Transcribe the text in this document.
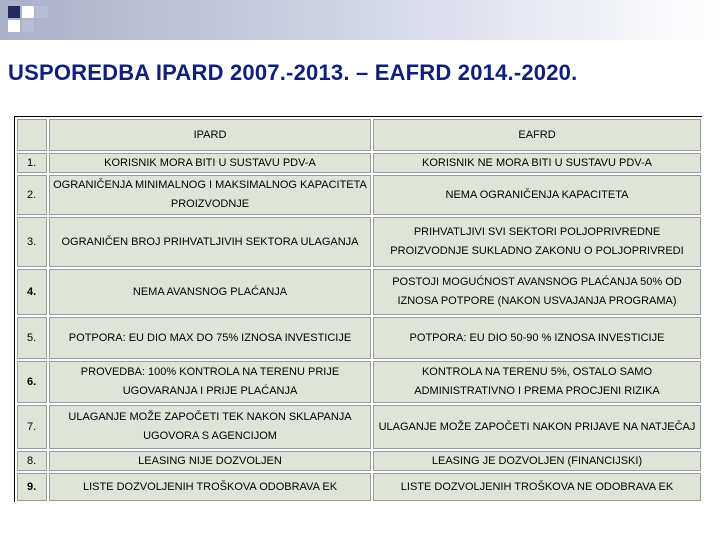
USPOREDBA IPARD 2007.-2013. – EAFRD 2014.-2020.
	IPARD	EAFRD
1.	KORISNIK MORA BITI U SUSTAVU PDV-A	KORISNIK NE MORA BITI U SUSTAVU PDV-A
2.	OGRANIČENJA MINIMALNOG I MAKSIMALNOG KAPACITETA PROIZVODNJE	NEMA OGRANIČENJA KAPACITETA
3.	OGRANIČEN BROJ PRIHVATLJIVIH SEKTORA ULAGANJA	PRIHVATLJIVI SVI SEKTORI POLJOPRIVREDNE PROIZVODNJE SUKLADNO ZAKONU O POLJOPRIVREDI
4.	NEMA AVANSNOG PLAĆANJA	POSTOJI MOGUĆNOST AVANSNOG PLAĆANJA 50% OD IZNOSA POTPORE (NAKON USVAJANJA PROGRAMA)
5.	POTPORA: EU DIO MAX DO 75% IZNOSA INVESTICIJE	POTPORA: EU DIO 50-90 % IZNOSA INVESTICIJE
6.	PROVEDBA: 100% KONTROLA NA TERENU PRIJE UGOVARANJA I PRIJE PLAĆANJA	KONTROLA NA TERENU 5%, OSTALO SAMO ADMINISTRATIVNO I PREMA PROCJENI RIZIKA
7.	ULAGANJE MOŽE ZAPOČETI TEK NAKON SKLAPANJA UGOVORA S AGENCIJOM	ULAGANJE MOŽE ZAPOČETI NAKON PRIJAVE NA NATJEČAJ
8.	LEASING NIJE DOZVOLJEN	LEASING JE DOZVOLJEN (FINANCIJSKI)
9.	LISTE DOZVOLJENIH TROŠKOVA ODOBRAVA EK	LISTE DOZVOLJENIH TROŠKOVA NE ODOBRAVA EK
